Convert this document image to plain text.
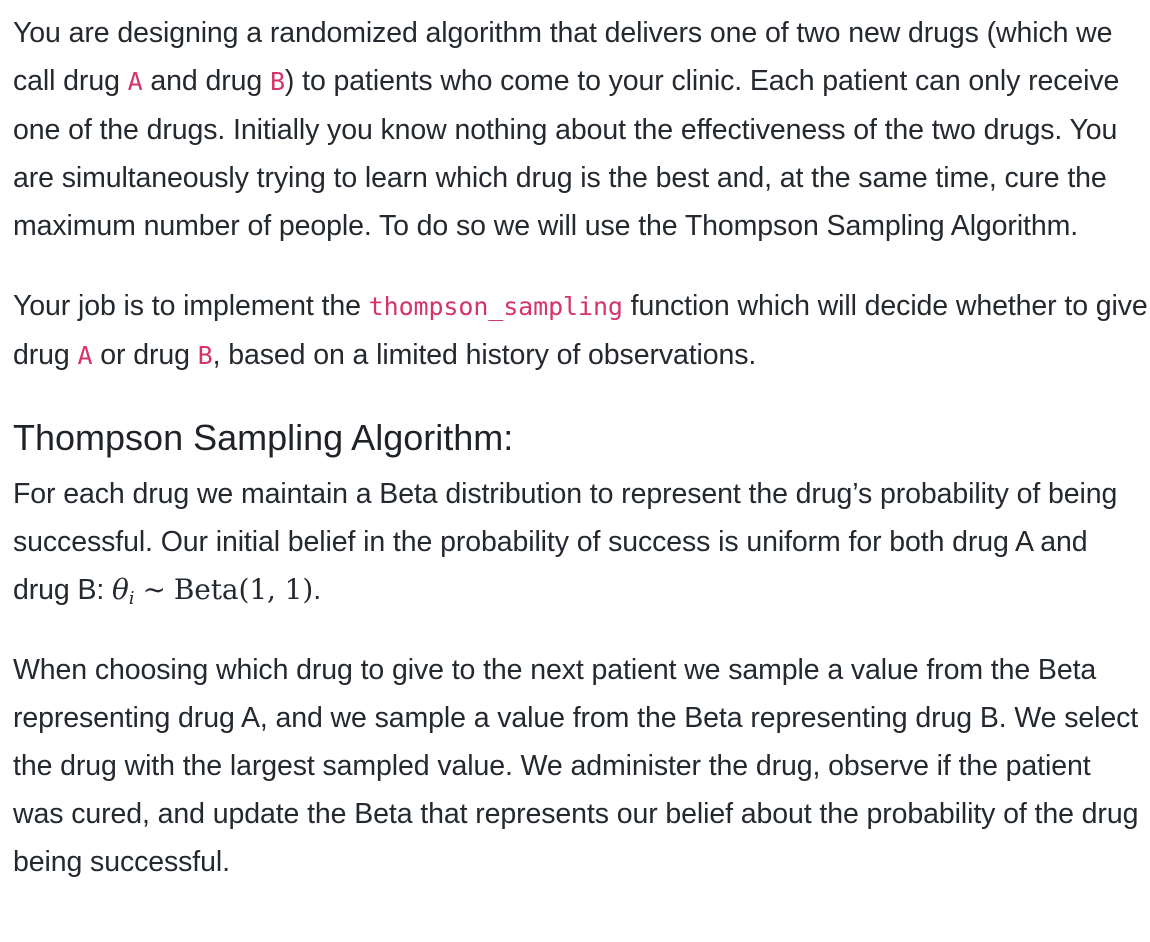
You are designing a randomized algorithm that delivers one of two new drugs (which we call drug A and drug B) to patients who come to your clinic. Each patient can only receive one of the drugs. Initially you know nothing about the effectiveness of the two drugs. You are simultaneously trying to learn which drug is the best and, at the same time, cure the maximum number of people. To do so we will use the Thompson Sampling Algorithm.

Your job is to implement the thompson_sampling function which will decide whether to give drug A or drug B, based on a limited history of observations.

Thompson Sampling Algorithm:

For each drug we maintain a Beta distribution to represent the drug’s probability of being successful. Our initial belief in the probability of success is uniform for both drug A and drug B: $\theta_i$ ∼ Beta(1, 1).

When choosing which drug to give to the next patient we sample a value from the Beta representing drug A, and we sample a value from the Beta representing drug B. We select the drug with the largest sampled value. We administer the drug, observe if the patient was cured, and update the Beta that represents our belief about the probability of the drug being successful.
